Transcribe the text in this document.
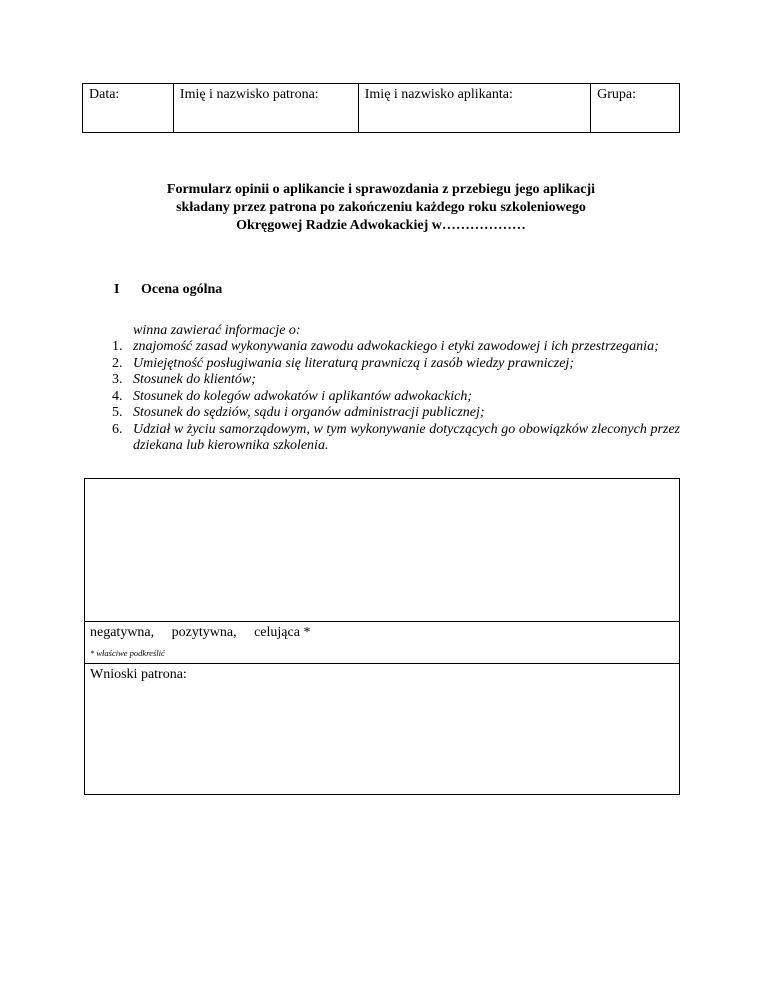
Data:	Imię i nazwisko patrona:	Imię i nazwisko aplikanta:	Grupa:
Formularz opinii o aplikancie i sprawozdania z przebiegu jego aplikacji
składany przez patrona po zakończeniu każdego roku szkoleniowego
Okręgowej Radzie Adwokackiej w………………
I Ocena ogólna
winna zawierać informacje o:
1. znajomość zasad wykonywania zawodu adwokackiego i etyki zawodowej i ich przestrzegania;
2. Umiejętność posługiwania się literaturą prawniczą i zasób wiedzy prawniczej;
3. Stosunek do klientów;
4. Stosunek do kolegów adwokatów i aplikantów adwokackich;
5. Stosunek do sędziów, sądu i organów administracji publicznej;
6. Udział w życiu samorządowym, w tym wykonywanie dotyczących go obowiązków zleconych przez dziekana lub kierownika szkolenia.
negatywna, pozytywna, celująca *
* właściwe podkreślić
Wnioski patrona:
